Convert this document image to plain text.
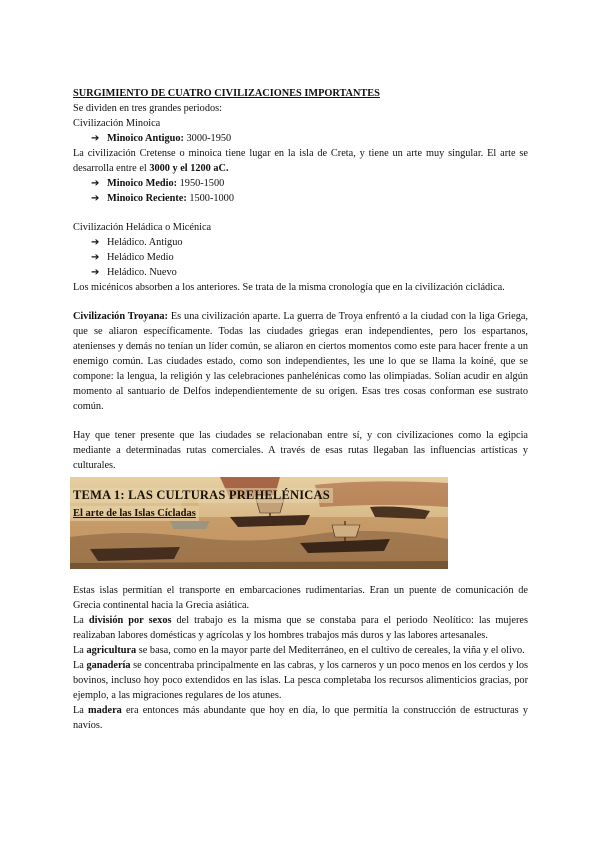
SURGIMIENTO DE CUATRO CIVILIZACIONES IMPORTANTES

Se dividen en tres grandes periodos:

Civilización Minoica

➔ Minoico Antiguo: 3000-1950

La civilización Cretense o minoica tiene lugar en la isla de Creta, y tiene un arte muy singular. El arte se desarrolla entre el 3000 y el 1200 aC.

➔ Minoico Medio: 1950-1500

➔ Minoico Reciente: 1500-1000

Civilización Heládica o Micénica

➔ Heládico. Antiguo

➔ Heládico Medio

➔ Heládico. Nuevo

Los micénicos absorben a los anteriores. Se trata de la misma cronología que en la civilización cicládica.

Civilización Troyana: Es una civilización aparte. La guerra de Troya enfrentó a la ciudad con la liga Griega, que se aliaron específicamente. Todas las ciudades griegas eran independientes, pero los espartanos, atenienses y demás no tenían un líder común, se aliaron en ciertos momentos como este para hacer frente a un enemigo común. Las ciudades estado, como son independientes, les une lo que se llama la koiné, que se compone: la lengua, la religión y las celebraciones panhelénicas como las olimpiadas. Solían acudir en algún momento al santuario de Delfos independientemente de su origen. Esas tres cosas conforman ese sustrato común.

Hay que tener presente que las ciudades se relacionaban entre sí, y con civilizaciones como la egipcia mediante a determinadas rutas comerciales. A través de esas rutas llegaban las influencias artísticas y culturales.

TEMA 1: LAS CULTURAS PREHELÉNICAS
El arte de las Islas Cícladas

Estas islas permitían el transporte en embarcaciones rudimentarias. Eran un puente de comunicación de Grecia continental hacia la Grecia asiática.

La división por sexos del trabajo es la misma que se constaba para el periodo Neolítico: las mujeres realizaban labores domésticas y agrícolas y los hombres trabajos más duros y las labores artesanales.

La agricultura se basa, como en la mayor parte del Mediterráneo, en el cultivo de cereales, la viña y el olivo.

La ganadería se concentraba principalmente en las cabras, y los carneros y un poco menos en los cerdos y los bovinos, incluso hoy poco extendidos en las islas. La pesca completaba los recursos alimenticios gracias, por ejemplo, a las migraciones regulares de los atunes.

La madera era entonces más abundante que hoy en día, lo que permitía la construcción de estructuras y navíos.
